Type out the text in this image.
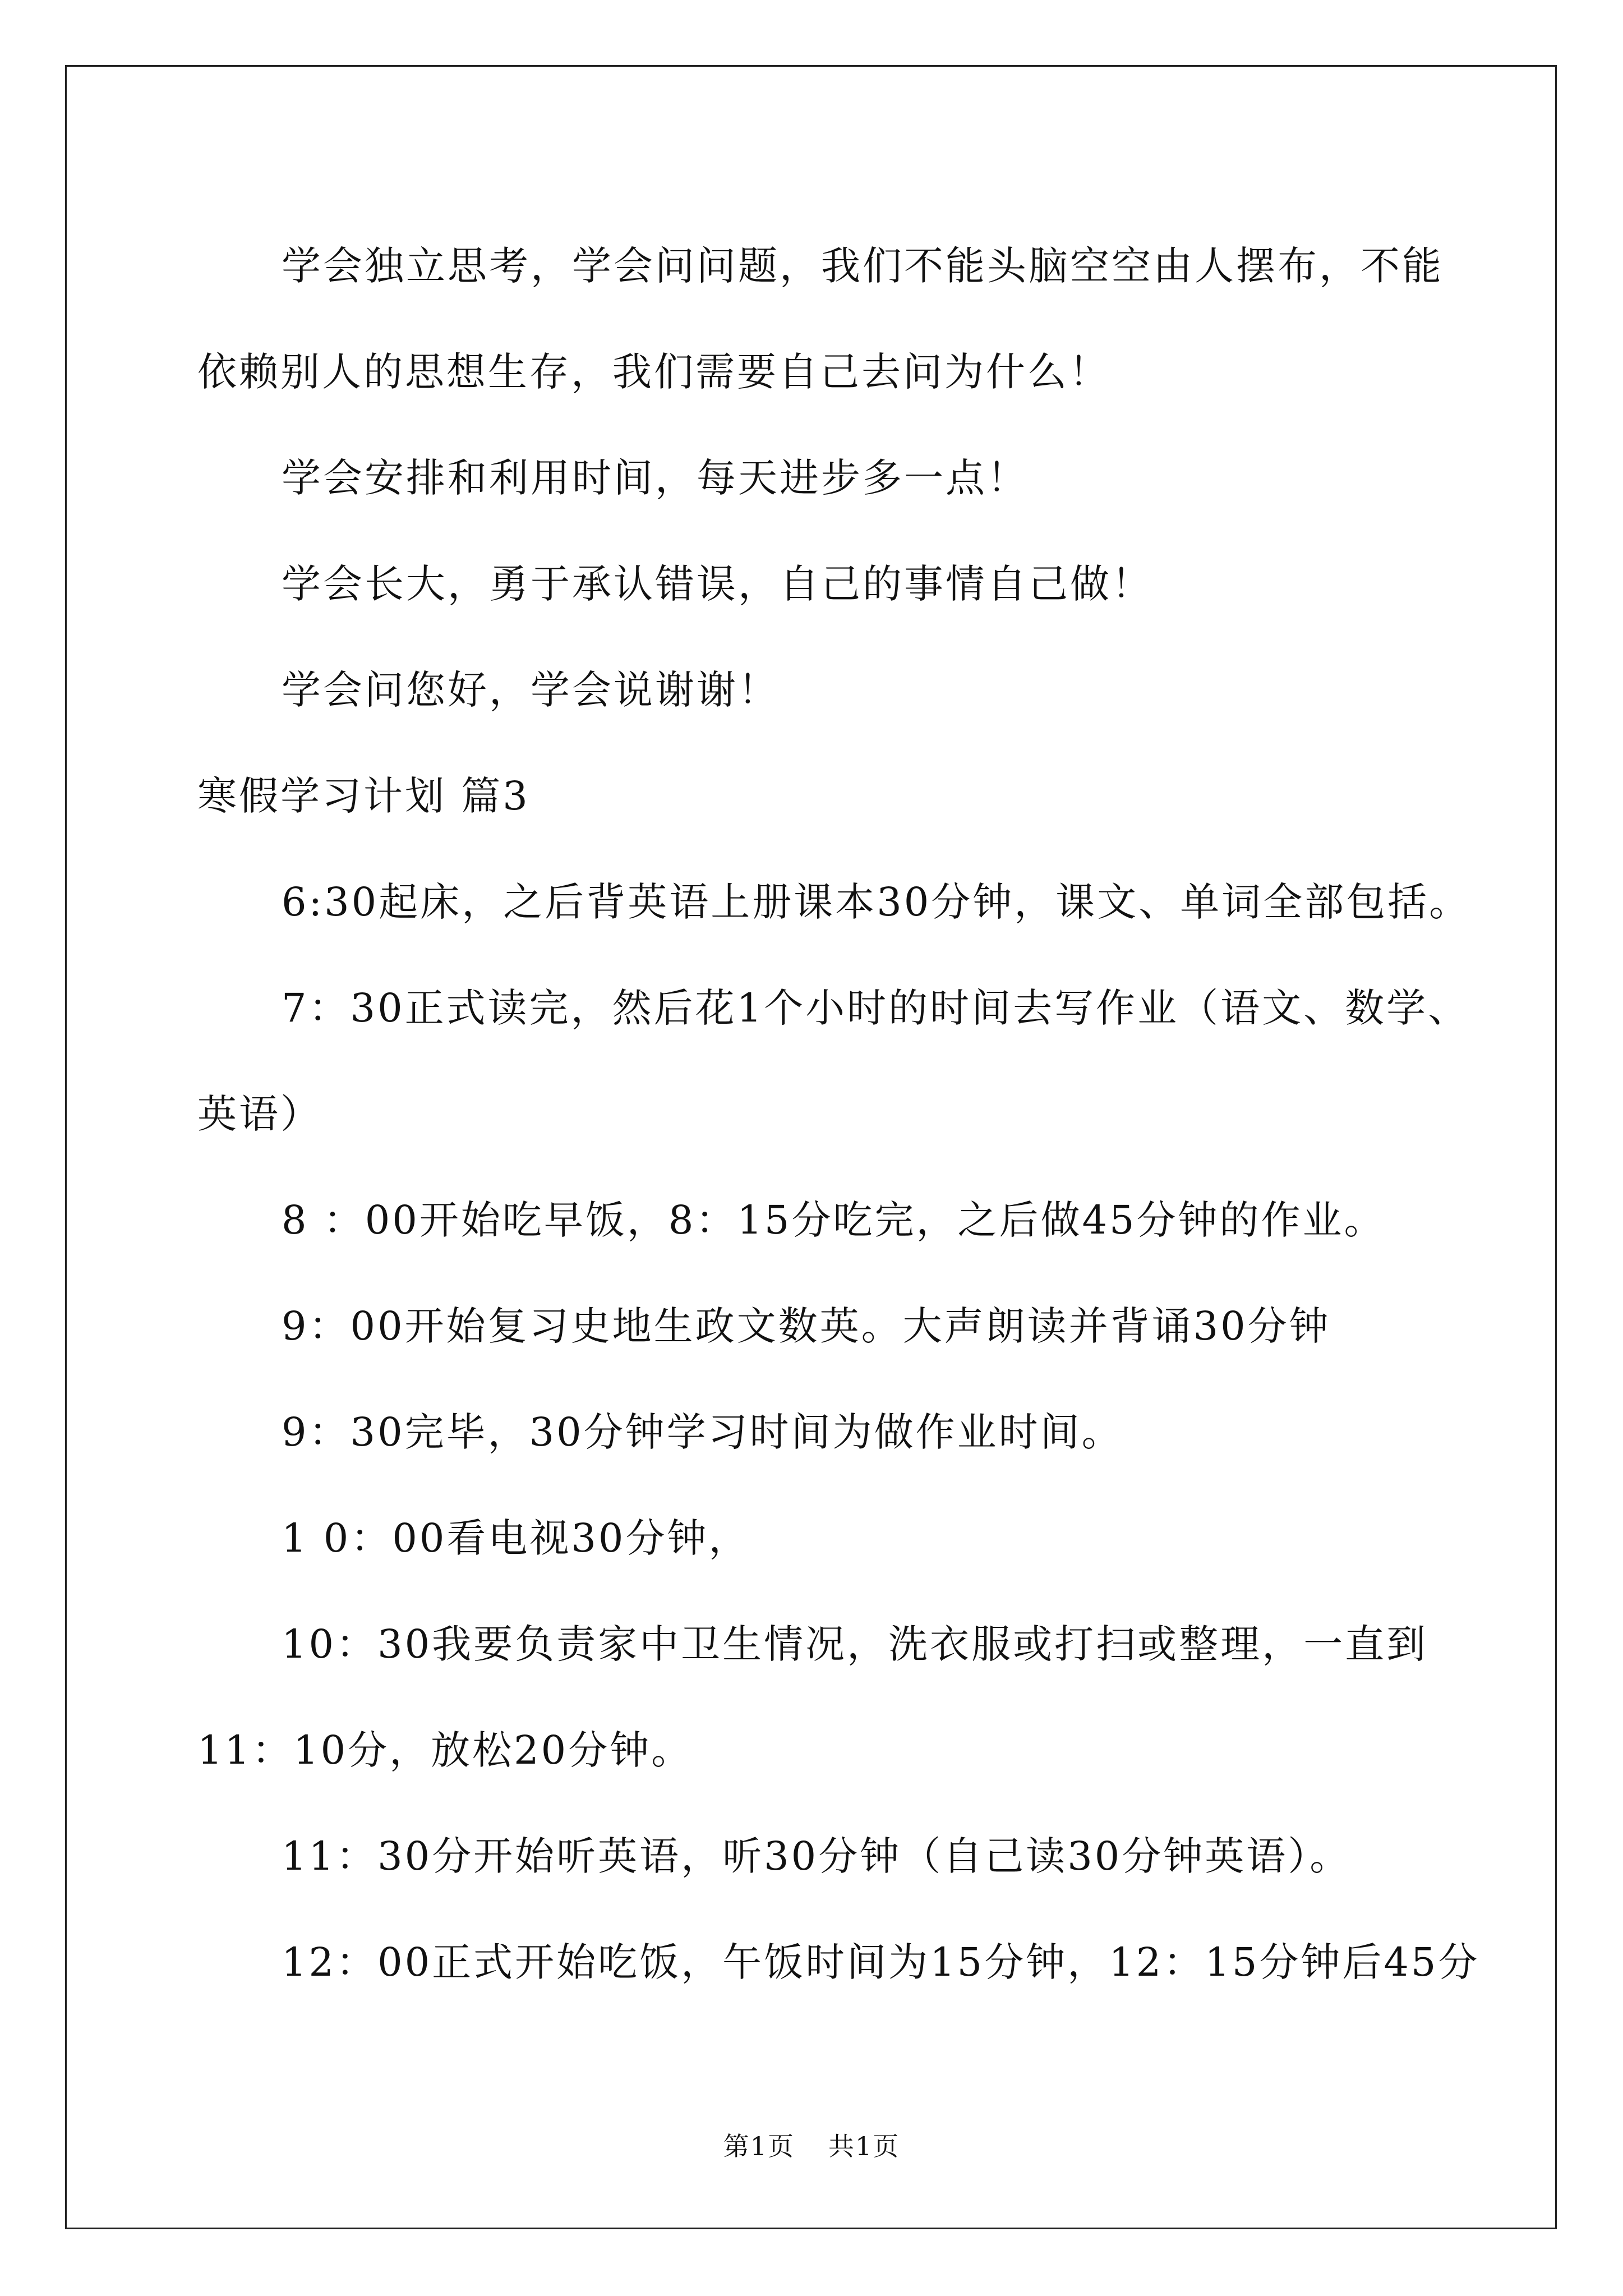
学会独立思考，学会问问题，我们不能头脑空空由人摆布，不能
依赖别人的思想生存，我们需要自己去问为什么！
学会安排和利用时间，每天进步多一点！
学会长大，勇于承认错误，自己的事情自己做！
学会问您好，学会说谢谢！
寒假学习计划 篇3
6:30起床，之后背英语上册课本30分钟，课文、单词全部包括。
7：30正式读完，然后花1个小时的时间去写作业（语文、数学、
英语）
8 ：00开始吃早饭，8：15分吃完，之后做45分钟的作业。
9：00开始复习史地生政文数英。大声朗读并背诵30分钟
9：30完毕，30分钟学习时间为做作业时间。
1 0：00看电视30分钟，
10：30我要负责家中卫生情况，洗衣服或打扫或整理，一直到
11：10分，放松20分钟。
11：30分开始听英语，听30分钟（自己读30分钟英语）。
12：00正式开始吃饭，午饭时间为15分钟，12：15分钟后45分
第1页 共1页
